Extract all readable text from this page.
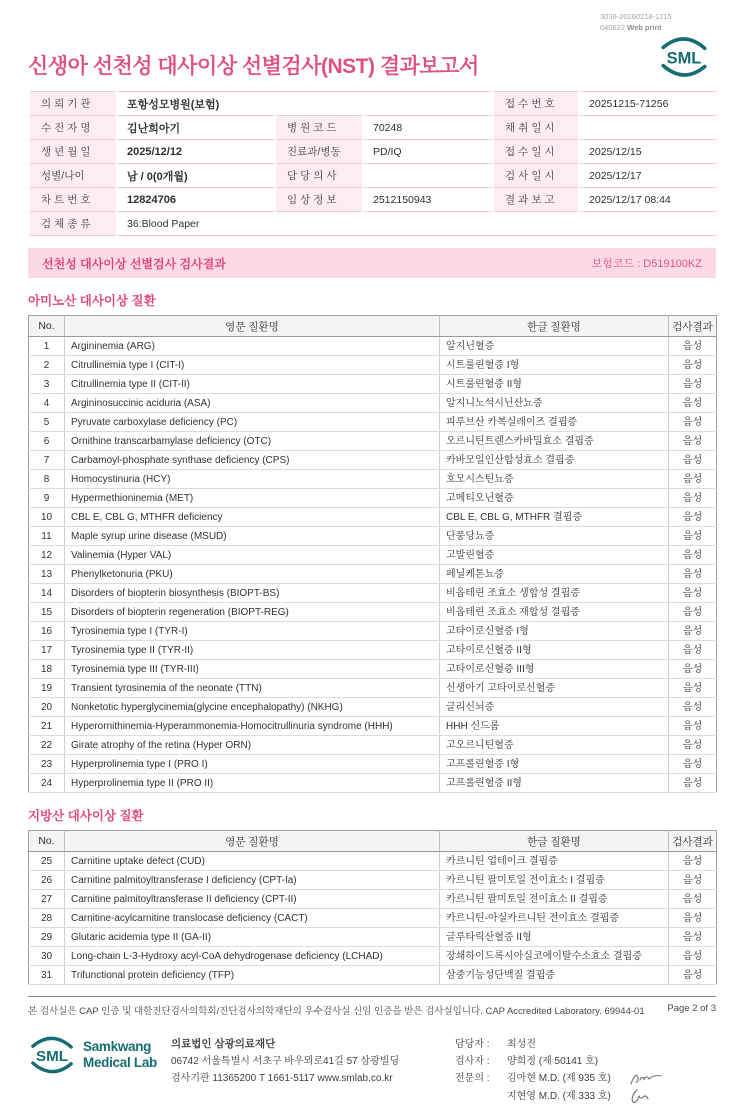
3036-20260218-1215
040622 Web print
신생아 선천성 대사이상 선별검사(NST) 결과보고서	SML
의뢰기관	포항성모병원(보험)			접수번호	20251215-71256
수진자명	김난희아기	병원코드	70248	채취일시	
생년월일	2025/12/12	진료과/병동	PD/IQ	접수일시	2025/12/15
성별/나이	남 / 0(0개월)	담당의사		검사일시	2025/12/17
차트번호	12824706	임상정보	2512150943	결과보고	2025/12/17 08:44
검체종류	36:Blood Paper				
선천성 대사이상 선별검사 검사결과	보험코드 : D519100KZ
아미노산 대사이상 질환
No.	영문 질환명	한글 질환명	검사결과
1	Argininemia (ARG)	알지닌혈증	음성
2	Citrullinemia type I (CIT-I)	시트룰린혈증 I형	음성
3	Citrullinemia type II (CIT-II)	시트룰린혈증 II형	음성
4	Argininosuccinic aciduria (ASA)	알지니노석시닌산뇨증	음성
5	Pyruvate carboxylase deficiency (PC)	피루브산 카복실레이즈 결핍증	음성
6	Ornithine transcarbamylase deficiency (OTC)	오르니틴트랜스카바밀효소 결핍증	음성
7	Carbamoyl-phosphate synthase deficiency (CPS)	카바모일인산합성효소 결핍증	음성
8	Homocystinuria (HCY)	호모시스틴뇨증	음성
9	Hypermethioninemia (MET)	고메티오닌혈증	음성
10	CBL E, CBL G, MTHFR deficiency	CBL E, CBL G, MTHFR 결핍증	음성
11	Maple syrup urine disease (MSUD)	단풍당뇨증	음성
12	Valinemia (Hyper VAL)	고발린혈증	음성
13	Phenylketonuria (PKU)	페닐케톤뇨증	음성
14	Disorders of biopterin biosynthesis (BIOPT-BS)	비옵테린 조효소 생합성 결핍증	음성
15	Disorders of biopterin regeneration (BIOPT-REG)	비옵테린 조효소 재합성 결핍증	음성
16	Tyrosinemia type I (TYR-I)	고타이로신혈증 I형	음성
17	Tyrosinemia type II (TYR-II)	고타이로신혈증 II형	음성
18	Tyrosinemia type III (TYR-III)	고타이로신혈증 III형	음성
19	Transient tyrosinemia of the neonate (TTN)	신생아기 고타이로신혈증	음성
20	Nonketotic hyperglycinemia(glycine encephalopathy) (NKHG)	글리신뇌증	음성
21	Hyperornithinemia-Hyperammonemia-Homocitrullinuria syndrome (HHH)	HHH 신드롬	음성
22	Girate atrophy of the retina (Hyper ORN)	고오르니틴혈증	음성
23	Hyperprolinemia type I (PRO I)	고프롤린혈증 I형	음성
24	Hyperprolinemia type II (PRO II)	고프롤린혈증 II형	음성
지방산 대사이상 질환
No.	영문 질환명	한글 질환명	검사결과
25	Carnitine uptake defect (CUD)	카르니틴 업테이크 결핍증	음성
26	Carnitine palmitoyltransferase I deficiency (CPT-Ia)	카르니틴 팔미토일 전이효소 I 결핍증	음성
27	Carnitine palmitoyltransferase II deficiency (CPT-II)	카르니틴 팔미토일 전이효소 II 결핍증	음성
28	Carnitine-acylcarnitine translocase deficiency (CACT)	카르니틴-아실카르니틴 전이효소 결핍증	음성
29	Glutaric acidemia type II (GA-II)	글루타릭산혈증 II형	음성
30	Long-chain L-3-Hydroxy acyl-CoA dehydrogenase deficiency (LCHAD)	장쇄하이드록시아실코에이탈수소효소 결핍증	음성
31	Trifunctional protein deficiency (TFP)	삼중기능성단백질 결핍증	음성
본 검사실은 CAP 인증 및 대한진단검사의학회/진단검사의학재단의 우수검사실 신임 인증을 받은 검사실입니다. CAP Accredited Laboratory. 69944-01 Page 2 of 3
SML
Samkwang
Medical Lab
의료법인 삼광의료재단
06742 서울특별시 서초구 바우뫼로41길 57 삼광빌딩
검사기관 11365200 T 1661-5117 www.smlab.co.kr
담당자 :	최성진
검사자 :	양희정 (제 50141 호)
전문의 :	김아현 M.D. (제 935 호)
지현영 M.D. (제 333 호)
